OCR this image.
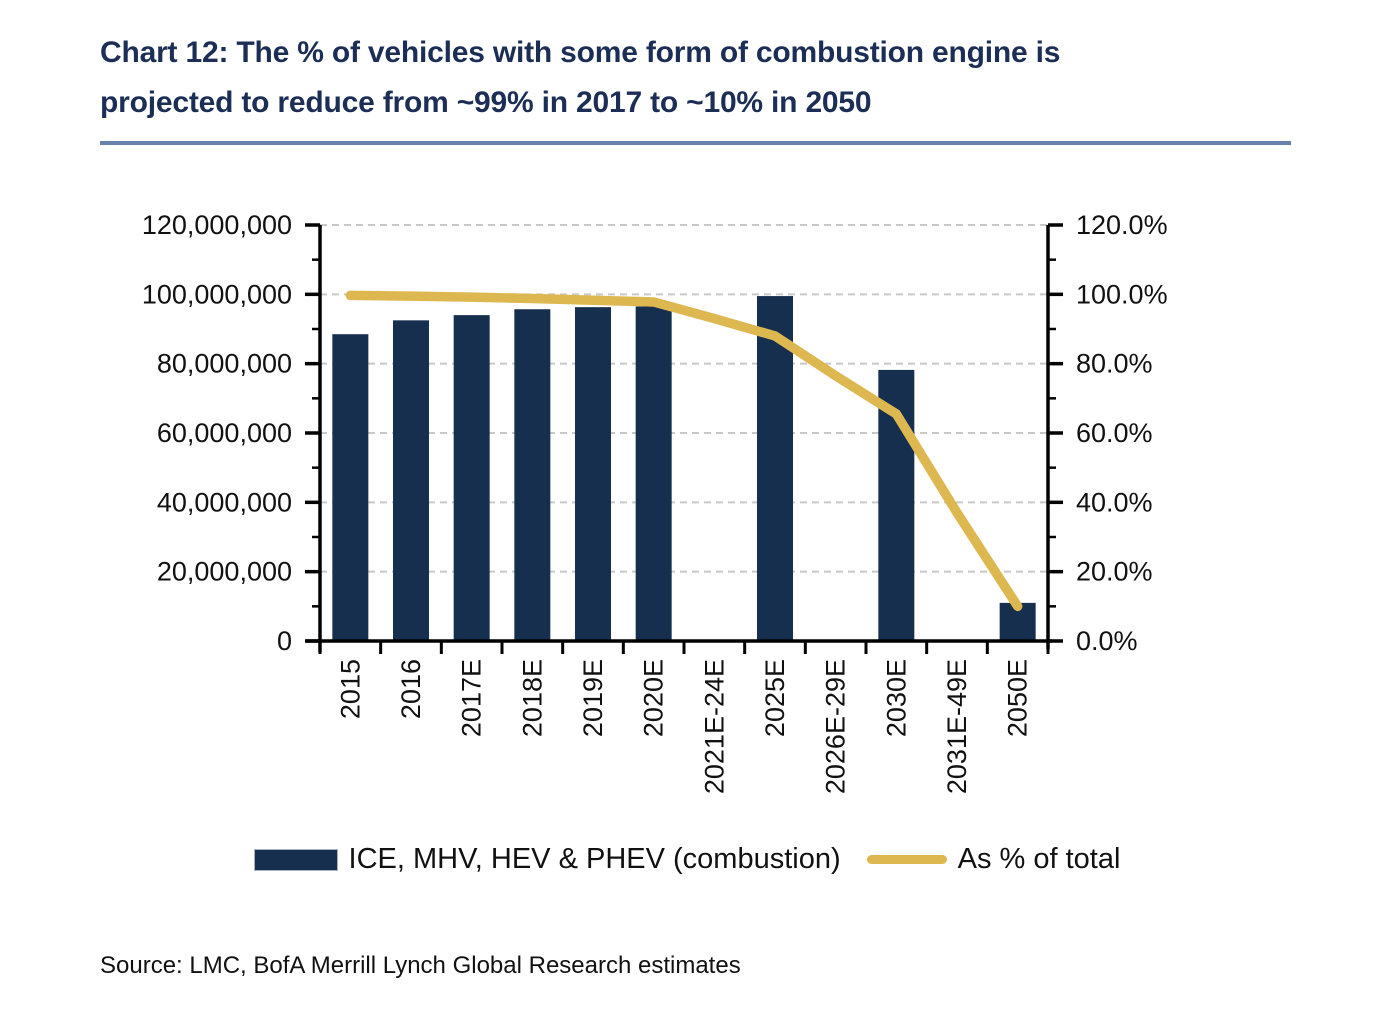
Chart 12: The % of vehicles with some form of combustion engine is
projected to reduce from ~99% in 2017 to ~10% in 2050
0
20,000,000
40,000,000
60,000,000
80,000,000
100,000,000
120,000,000
0.0%
20.0%
40.0%
60.0%
80.0%
100.0%
120.0%
2015 2016 2017E 2018E 2019E 2020E 2021E-24E 2025E 2026E-29E 2030E 2031E-49E 2050E
ICE, MHV, HEV & PHEV (combustion)	As % of total
Source: LMC, BofA Merrill Lynch Global Research estimates
